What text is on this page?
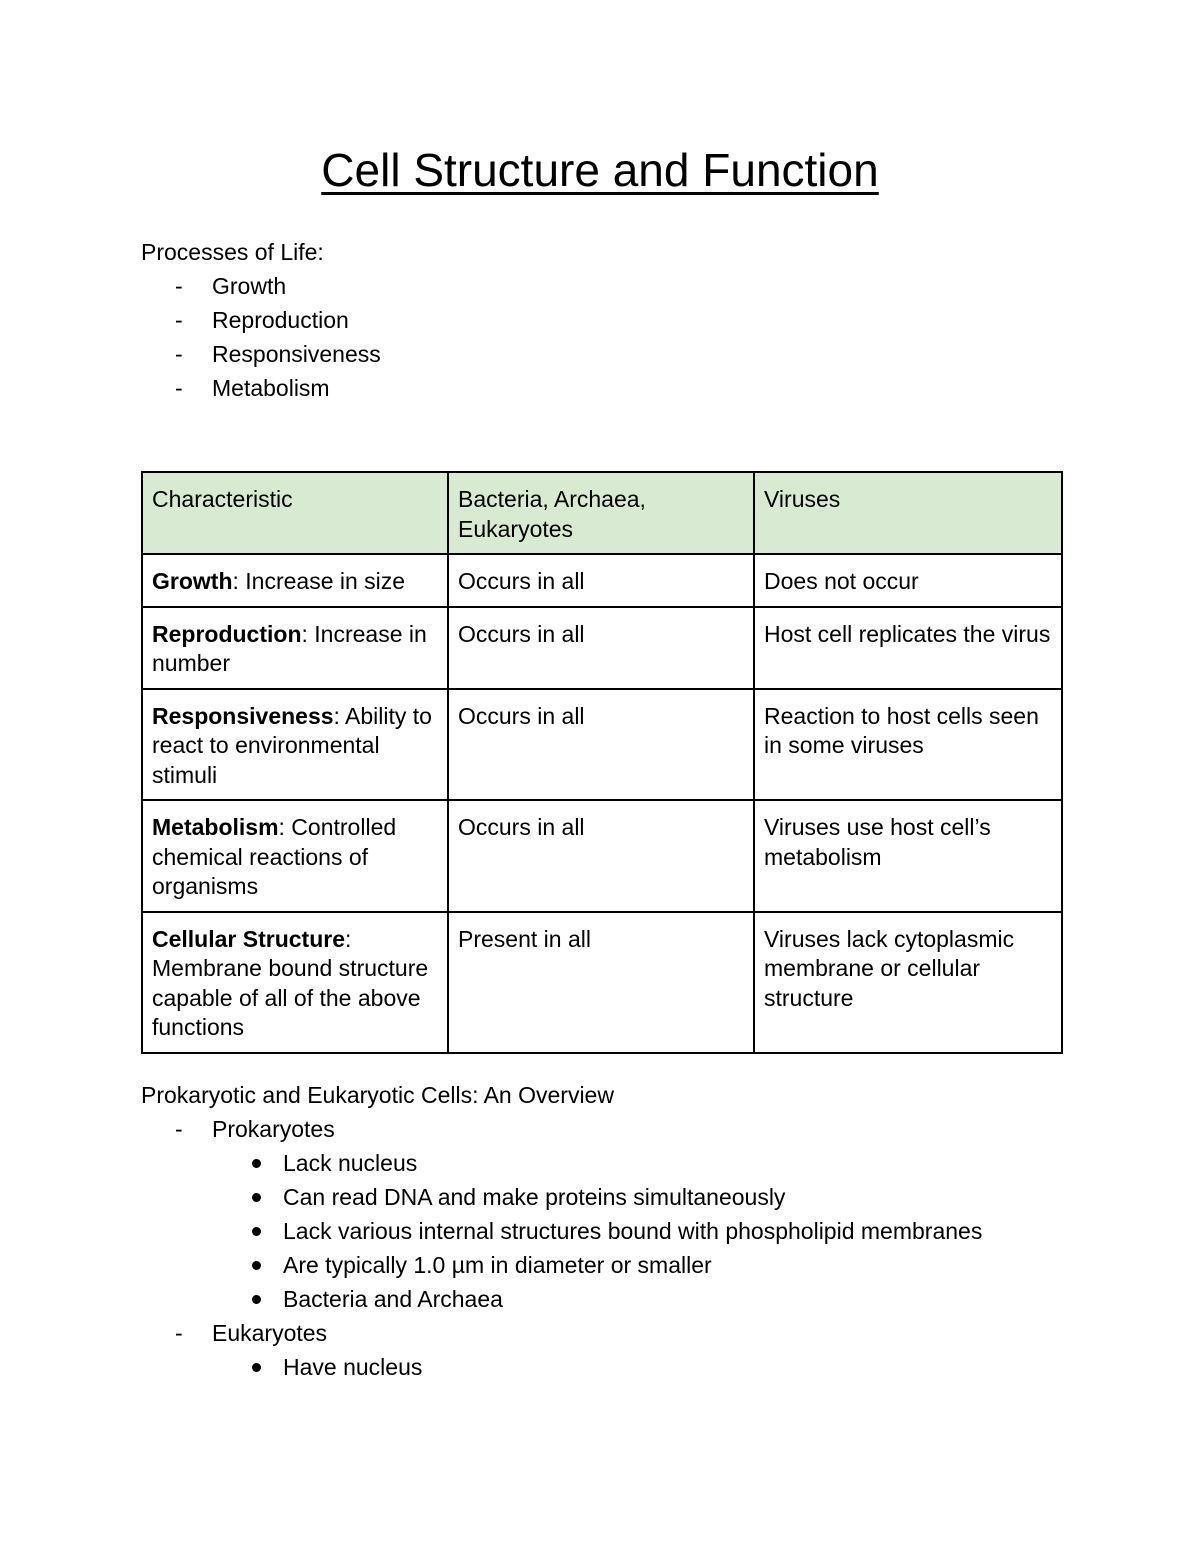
Cell Structure and Function

Processes of Life:

- Growth
- Reproduction
- Responsiveness
- Metabolism
Characteristic	Bacteria, Archaea, Eukaryotes	Viruses
Growth: Increase in size	Occurs in all	Does not occur
Reproduction: Increase in number	Occurs in all	Host cell replicates the virus
Responsiveness: Ability to react to environmental stimuli	Occurs in all	Reaction to host cells seen in some viruses
Metabolism: Controlled chemical reactions of organisms	Occurs in all	Viruses use host cell’s metabolism
Cellular Structure: Membrane bound structure capable of all of the above functions	Present in all	Viruses lack cytoplasmic membrane or cellular structure

Prokaryotic and Eukaryotic Cells: An Overview

- Prokaryotes
Lack nucleus
Can read DNA and make proteins simultaneously
Lack various internal structures bound with phospholipid membranes
Are typically 1.0 µm in diameter or smaller
Bacteria and Archaea
- Eukaryotes
Have nucleus
